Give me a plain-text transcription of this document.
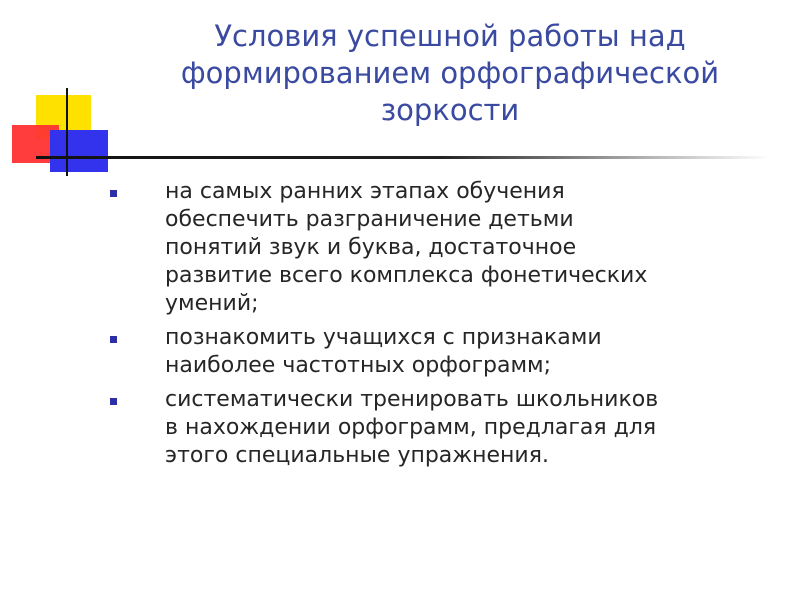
Условия успешной работы над
формированием орфографической
зоркости
на самых ранних этапах обучения
обеспечить разграничение детьми
понятий звук и буква, достаточное
развитие всего комплекса фонетических
умений;
познакомить учащихся с признаками
наиболее частотных орфограмм;
систематически тренировать школьников
в нахождении орфограмм, предлагая для
этого специальные упражнения.
